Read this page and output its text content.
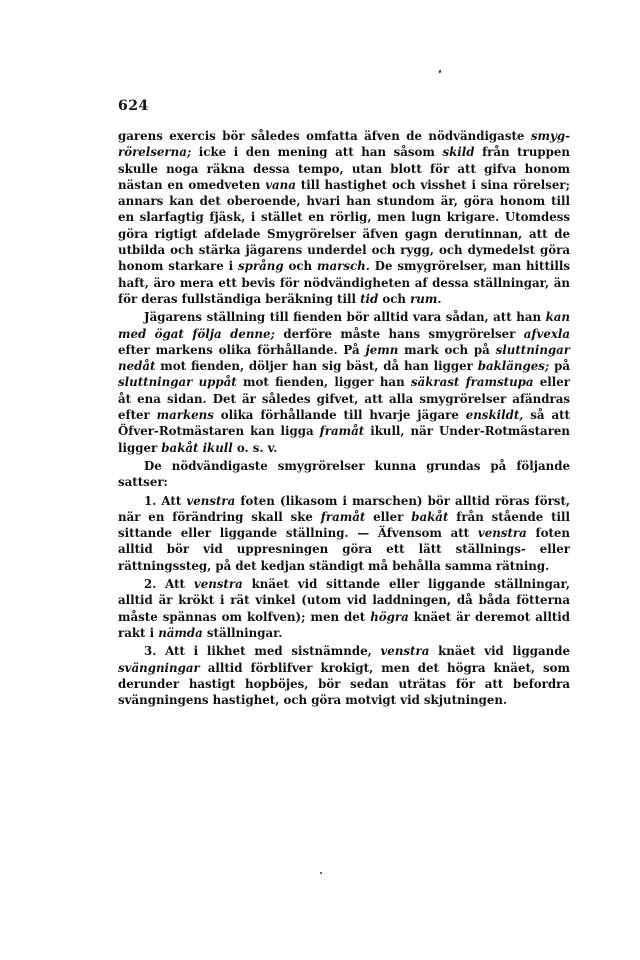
624

garens exercis bör således omfatta äfven de nödvändigaste smygrörelserna; icke i den mening att han såsom skild från truppen skulle noga räkna dessa tempo, utan blott för att gifva honom nästan en omedveten vana till hastighet och visshet i sina rörelser; annars kan det oberoende, hvari han stundom är, göra honom till en slarfagtig fjäsk, i stället en rörlig, men lugn krigare. Utomdess göra rigtigt afdelade Smygrörelser äfven gagn derutinnan, att de utbilda och stärka jägarens underdel och rygg, och dymedelst göra honom starkare i språng och marsch. De smygrörelser, man hittills haft, äro mera ett bevis för nödvändigheten af dessa ställningar, än för deras fullständiga beräkning till tid och rum.

Jägarens ställning till fienden bör alltid vara sådan, att han kan med ögat följa denne; derföre måste hans smygrörelser afvexla efter markens olika förhållande. På jemn mark och på sluttningar nedåt mot fienden, döljer han sig bäst, då han ligger baklänges; på sluttningar uppåt mot fienden, ligger han säkrast framstupa eller åt ena sidan. Det är således gifvet, att alla smygrörelser afändras efter markens olika förhållande till hvarje jägare enskildt, så att Öfver-Rotmästaren kan ligga framåt ikull, när Under-Rotmästaren ligger bakåt ikull o. s. v.

De nödvändigaste smygrörelser kunna grundas på följande sattser:

1. Att venstra foten (likasom i marschen) bör alltid röras först, när en förändring skall ske framåt eller bakåt från stående till sittande eller liggande ställning. — Äfvensom att venstra foten alltid bör vid uppresningen göra ett lätt ställnings- eller rättningssteg, på det kedjan ständigt må behålla samma rätning.

2. Att venstra knäet vid sittande eller liggande ställningar, alltid är krökt i rät vinkel (utom vid laddningen, då båda fötterna måste spännas om kolfven); men det högra knäet är deremot alltid rakt i nämda ställningar.

3. Att i likhet med sistnämnde, venstra knäet vid liggande svängningar alltid förblifver krokigt, men det högra knäet, som derunder hastigt hopböjes, bör sedan uträtas för att befordra svängningens hastighet, och göra motvigt vid skjutningen.
